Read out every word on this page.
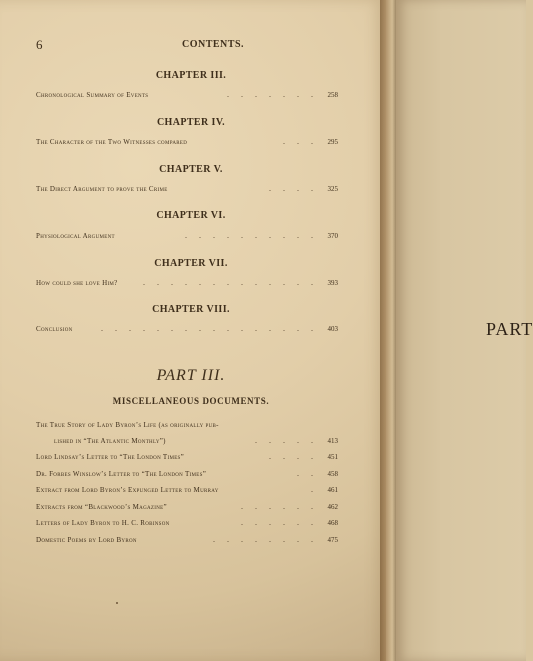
6	CONTENTS.
CHAPTER III.
Chronological Summary of Events	. . . . . . . 258
CHAPTER IV.
The Character of the Two Witnesses compared	. . . 295
CHAPTER V.
The Direct Argument to prove the Crime	. . . . 325
CHAPTER VI.
Physiological Argument	. . . . . . . . . . 370
CHAPTER VII.
How could she love Him?	. . . . . . . . . . . . . 393
CHAPTER VIII.
Conclusion	. . . . . . . . . . . . . . . . 403
PART III.
MISCELLANEOUS DOCUMENTS.
The True Story of Lady Byron’s Life (as originally pub-
lished in “The Atlantic Monthly”)	. . . . . 413
Lord Lindsay’s Letter to “The London Times”	. . . . 451
Dr. Forbes Winslow’s Letter to “The London Times”	. . 458
Extract from Lord Byron’s Expunged Letter to Murray	. 461
Extracts from “Blackwood’s Magazine”	. . . . . . 462
Letters of Lady Byron to H. C. Robinson	. . . . . . 468
Domestic Poems by Lord Byron	. . . . . . . . 475
PART
